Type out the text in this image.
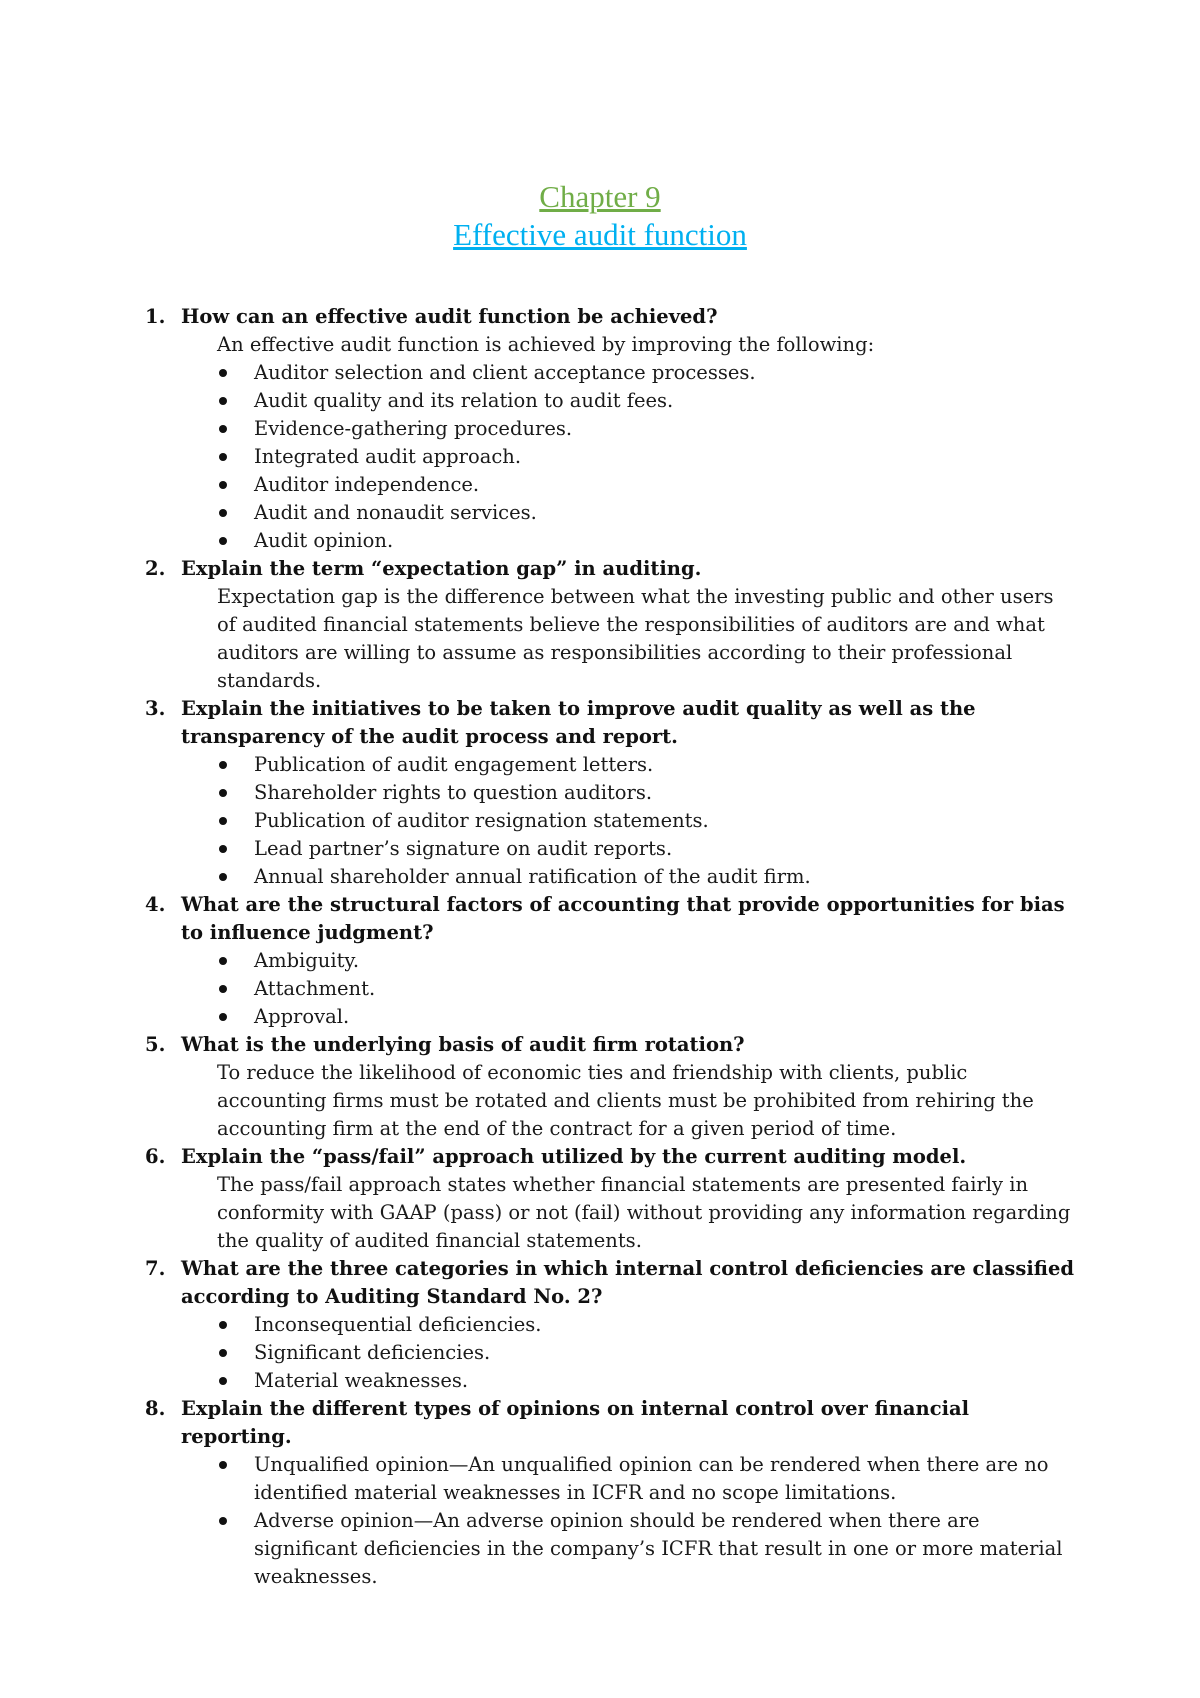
Chapter 9

Effective audit function

1. How can an effective audit function be achieved?

An effective audit function is achieved by improving the following:

Auditor selection and client acceptance processes.
Audit quality and its relation to audit fees.
Evidence-gathering procedures.
Integrated audit approach.
Auditor independence.
Audit and nonaudit services.
Audit opinion.

2. Explain the term “expectation gap” in auditing.

Expectation gap is the difference between what the investing public and other users of audited financial statements believe the responsibilities of auditors are and what auditors are willing to assume as responsibilities according to their professional standards.

3. Explain the initiatives to be taken to improve audit quality as well as the transparency of the audit process and report.

Publication of audit engagement letters.
Shareholder rights to question auditors.
Publication of auditor resignation statements.
Lead partner’s signature on audit reports.
Annual shareholder annual ratification of the audit firm.

4. What are the structural factors of accounting that provide opportunities for bias to influence judgment?

Ambiguity.
Attachment.
Approval.

5. What is the underlying basis of audit firm rotation?

To reduce the likelihood of economic ties and friendship with clients, public accounting firms must be rotated and clients must be prohibited from rehiring the accounting firm at the end of the contract for a given period of time.

6. Explain the “pass/fail” approach utilized by the current auditing model.

The pass/fail approach states whether financial statements are presented fairly in conformity with GAAP (pass) or not (fail) without providing any information regarding the quality of audited financial statements.

7. What are the three categories in which internal control deficiencies are classified according to Auditing Standard No. 2?

Inconsequential deficiencies.
Significant deficiencies.
Material weaknesses.

8. Explain the different types of opinions on internal control over financial reporting.

Unqualified opinion—An unqualified opinion can be rendered when there are no identified material weaknesses in ICFR and no scope limitations.
Adverse opinion—An adverse opinion should be rendered when there are significant deficiencies in the company’s ICFR that result in one or more material weaknesses.
